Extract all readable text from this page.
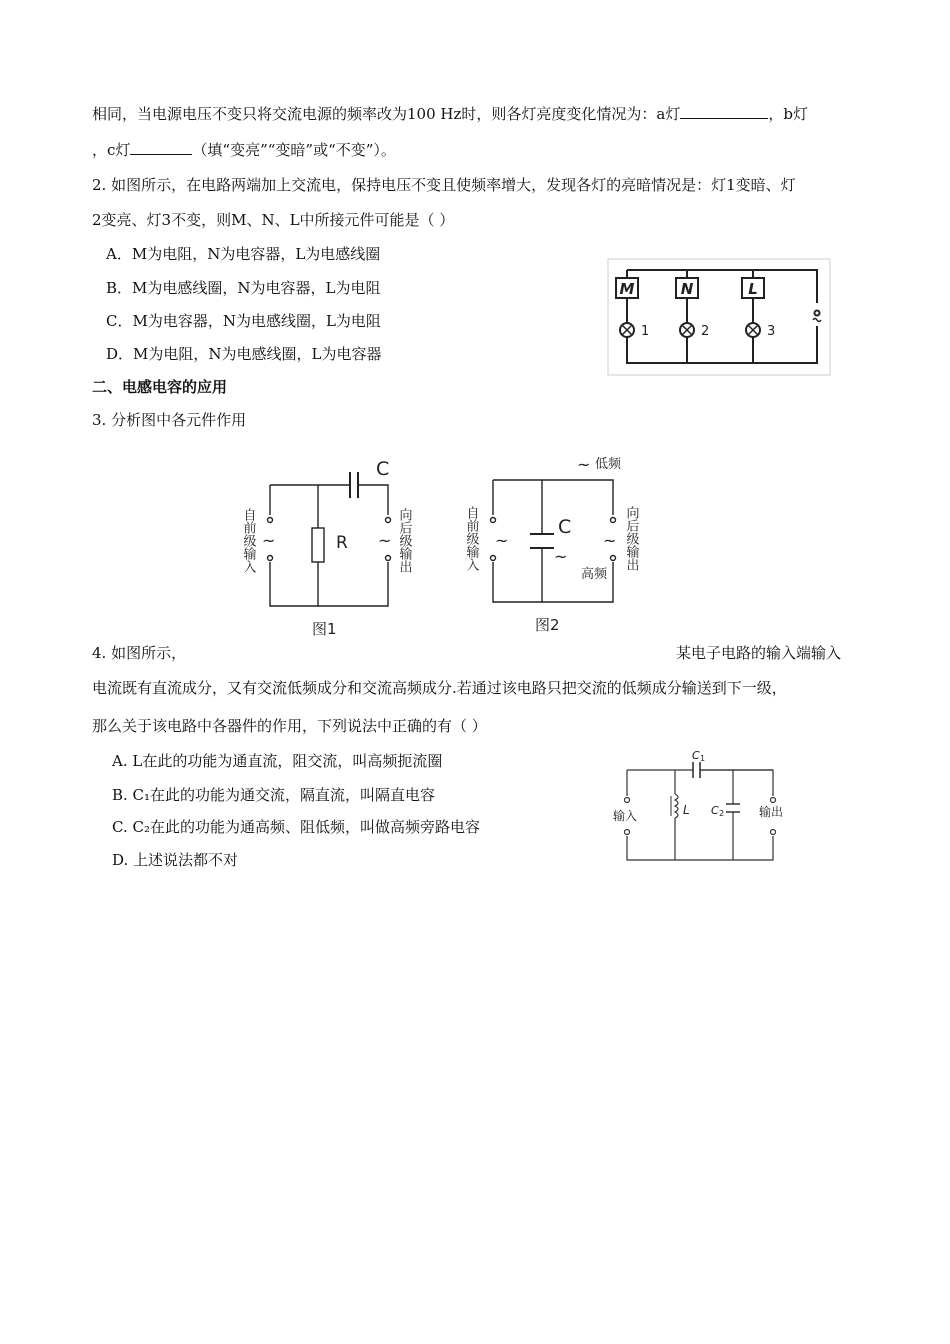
相同，当电源电压不变只将交流电源的频率改为100 Hz时，则各灯亮度变化情况为：a灯	，b灯
，c灯	（填“变亮”“变暗”或“不变”）。
2. 如图所示，在电路两端加上交流电，保持电压不变且使频率增大，发现各灯的亮暗情况是：灯1变暗、灯
2变亮、灯3不变，则M、N、L中所接元件可能是（ ）
A．M为电阻，N为电容器，L为电感线圈
B．M为电感线圈，N为电容器，L为电阻
C．M为电容器，N为电感线圈，L为电阻
D．M为电阻，N为电感线圈，L为电容器
M	N	L
1	2	3
二、电感电容的应用
3. 分析图中各元件作用
C
R
~	~
自前级输入	向后级输出
图1
~ 低频
C
~
高频
~	~
自前级输入	向后级输出
图2
4. 如图所示，	某电子电路的输入端输入
电流既有直流成分，又有交流低频成分和交流高频成分.若通过该电路只把交流的低频成分输送到下一级，
那么关于该电路中各器件的作用，下列说法中正确的有（ ）
A. L在此的功能为通直流，阻交流，叫高频扼流圈
B. C₁在此的功能为通交流，隔直流，叫隔直电容
C. C₂在此的功能为通高频、阻低频，叫做高频旁路电容
D. 上述说法都不对
输入	输出
L
C 1
C 2
